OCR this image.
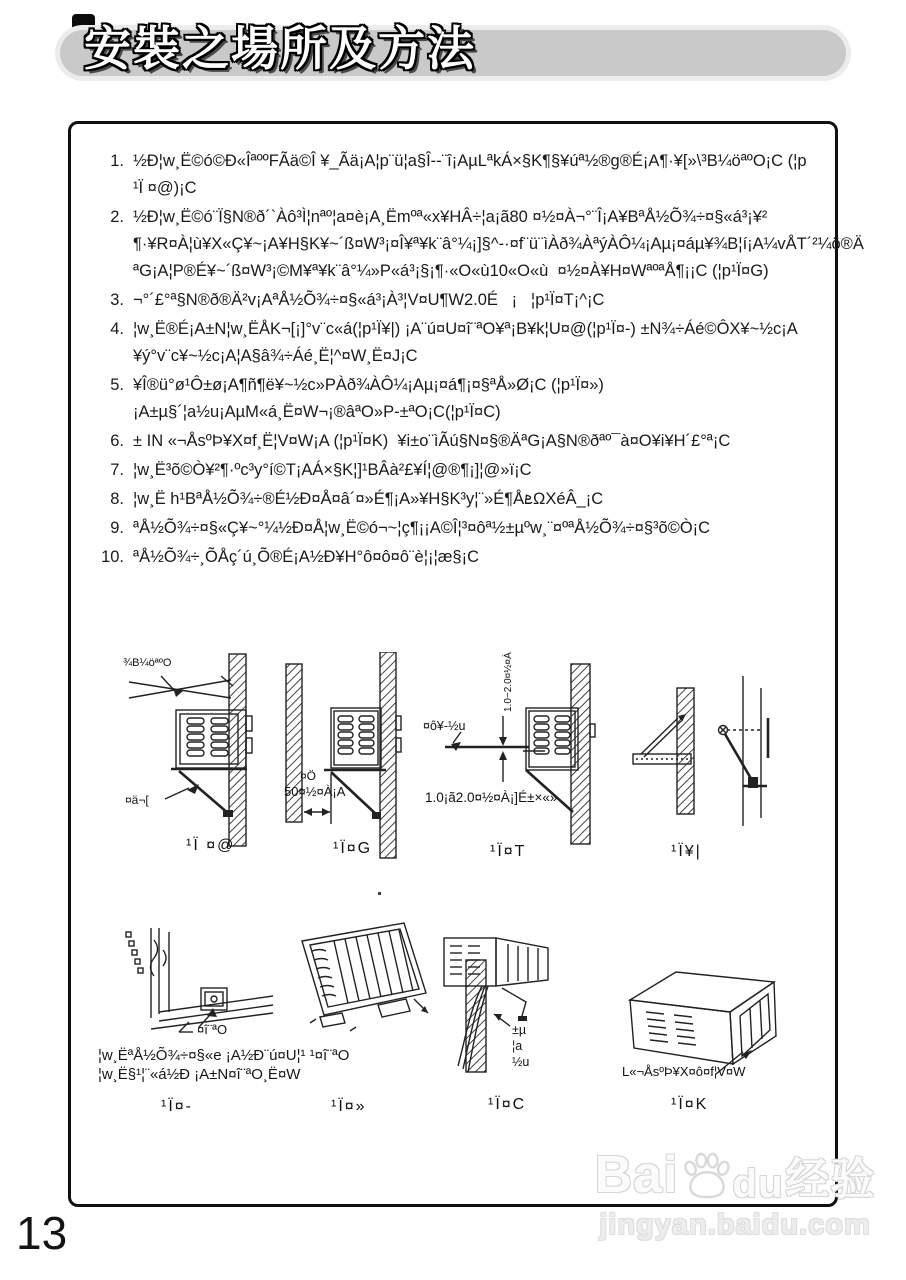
安裝之場所及方法
1. ½Ð¦w¸Ë©ó©Ð«ÎªººFÃä©Î ¥_Ãä¡A¦p¨ü¦a§Î--¨î¡AµLªkÁ×§K¶§¥úª½®g®É¡A¶·¥[»\³B¼öªºO¡C (¦p
¹Ï ¤@)¡C
2. ½Ð¦w¸Ë©ó¨Ï§N®ð´`Àô³Ì¦nªº¦a¤è¡A¸Ëmºª«x¥HÂ÷¦a¡ã80 ¤½¤À¬°¨Î¡A¥BªÅ½Õ¾÷¤§«á³¡¥²
¶·¥R¤À¦ù¥X«Ç¥~¡A¥H§K¥~´ß¤W³¡¤Î¥ª¥k¨â°¼¡]§^-·¤f¨ü¨ìÀð¾ÀªýÀÔ¼¡Aµ¡¤áµ¥¾B¦í¡A¼vÅT´²¼ö®Ä
ªG¡A¦P®É¥~´ß¤W³¡©M¥ª¥k¨â°¼»P«á³¡§¡¶·«O«ù10«O«ù  ¤½¤À¥H¤WªºªÅ¶¡¡C (¦p¹Ï¤G)
3. ¬°´£°ª§N®ð®Ä²v¡AªÅ½Õ¾÷¤§«á³¡À³¦V¤U¶W2.0É   ¡   ¦p¹Ï¤T¡^¡C
4. ¦w¸Ë®É¡A±N¦w¸ËÅK¬[¡]°v¨c«á(¦p¹Ï¥|) ¡A¨ú¤U¤î¨ªO¥ª¡B¥k¦U¤@(¦p¹Ï¤-) ±N¾÷Áé©ÔX¥~½c¡A
¥ý°v¨c¥~½c¡A¦A§â¾÷Áé¸Ë¦^¤W¸Ë¤J¡C
5. ¥Î®ü°ø¹Ô±ø¡A¶ñ¶ë¥~½c»PÀð¾ÀÔ¼¡Aµ¡¤á¶¡¤§ªÅ»Ø¡C (¦p¹Ï¤»)
¡A±µ§´¦a½u¡AµM«á¸Ë¤W¬¡®âªO»P-±ªO¡C(¦p¹Ï¤C)
6. ± IN «¬ÅsºÞ¥X¤f¸Ë¦V¤W¡A (¦p¹Ï¤K)  ¥i±o¨ìÃú§N¤§®ÄªG¡A§N®ðªº¯à¤O¥i¥H´£°ª¡C
7. ¦w¸Ë³õ©Ò¥²¶·ºc³y°í©T¡AÁ×§K¦]¹BÂà²£¥Í¦@®¶¡]¦@»ï¡C
8. ¦w¸Ë h¹BªÅ½Õ¾÷®É½Ð¤Å¤â´¤»É¶¡A»¥H§K³y¦¨»É¶ÅܧΩΧéÂ_¡C
9. ªÅ½Õ¾÷¤§«Ç¥~°¼½Ð¤Å¦w¸Ë©ó¬~¦ç¶¡¡A©Î¦³¤ôª½±µºw¸¨¤ºªÅ½Õ¾÷¤§³õ©Ò¡C
10. ªÅ½Õ¾÷¸ÕÅç´ú¸Õ®É¡A½Ð¥H°ô¤ô¤ô¨è¦¡¦æ§¡C
¾B¼öªºO
¤ä¬[
¹Ï ¤@
¤Ö
50¤½¤À¡A
¹Ï¤G
1.0~2.0¤½¤À
¤ô¥-½u
1.0¡ã2.0¤½¤À¡]É±×«»
¹Ï¤T	¹Ï¥|
¤î¨ªO
¹Ï¤-
¦w¸ËªÅ½Õ¾÷¤§«e ¡A½Ð¨ú¤U¦¹ ¹¤î¨ªO
¦w¸Ë§¹¦¨«á½Ð ¡A±N¤î¨ªO¸Ë¤W
¹Ï¤»
±µ
¦a
½u
¹Ï¤C
L«¬ÅsºÞ¥X¤ô¤f¦V¤W
¹Ï¤K
13
Bai du 经验
jingyan.baidu.com
